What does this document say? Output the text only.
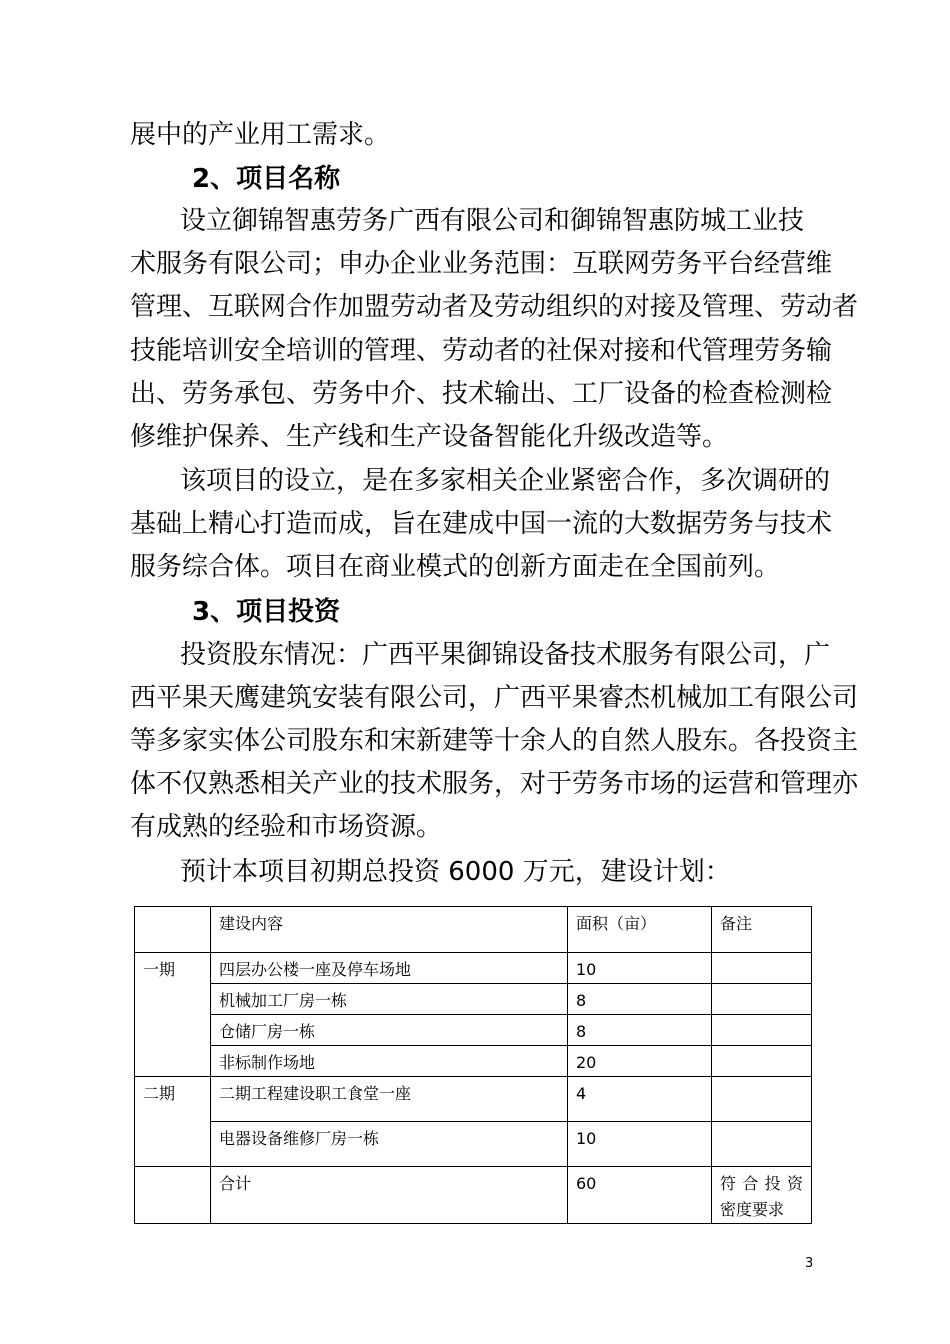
展中的产业用工需求。
2、项目名称
设立御锦智惠劳务广西有限公司和御锦智惠防城工业技
术服务有限公司；申办企业业务范围：互联网劳务平台经营维
管理、互联网合作加盟劳动者及劳动组织的对接及管理、劳动者
技能培训安全培训的管理、劳动者的社保对接和代管理劳务输
出、劳务承包、劳务中介、技术输出、工厂设备的检查检测检
修维护保养、生产线和生产设备智能化升级改造等。
该项目的设立，是在多家相关企业紧密合作，多次调研的
基础上精心打造而成，旨在建成中国一流的大数据劳务与技术
服务综合体。项目在商业模式的创新方面走在全国前列。
3、项目投资
投资股东情况：广西平果御锦设备技术服务有限公司，广
西平果天鹰建筑安装有限公司，广西平果睿杰机械加工有限公司
等多家实体公司股东和宋新建等十余人的自然人股东。各投资主
体不仅熟悉相关产业的技术服务，对于劳务市场的运营和管理亦
有成熟的经验和市场资源。
预计本项目初期总投资 6000 万元，建设计划：
	建设内容	面积（亩）	备注
一期	四层办公楼一座及停车场地	10	
	机械加工厂房一栋	8	
	仓储厂房一栋	8	
	非标制作场地	20	
二期	二期工程建设职工食堂一座	4	
	电器设备维修厂房一栋	10	
	合计	60	符合投资
密度要求
3
